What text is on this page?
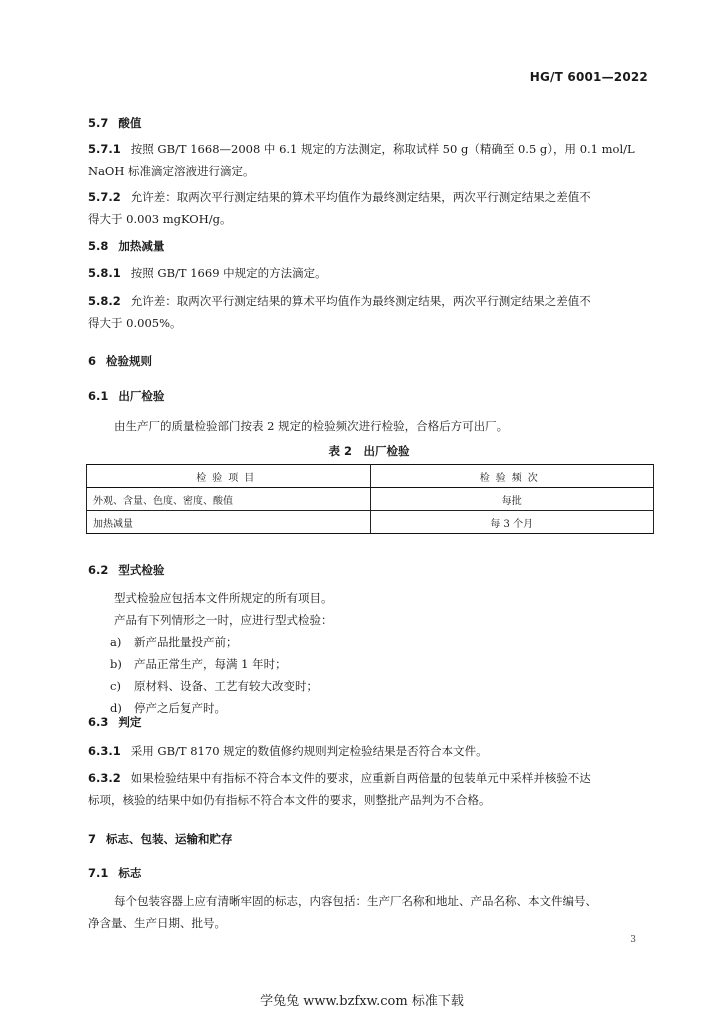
HG/T 6001—2022
5.7 酸值
5.7.1 按照 GB/T 1668—2008 中 6.1 规定的方法测定，称取试样 50 g（精确至 0.5 g），用 0.1 mol/L
NaOH 标准滴定溶液进行滴定。
5.7.2 允许差：取两次平行测定结果的算术平均值作为最终测定结果，两次平行测定结果之差值不
得大于 0.003 mgKOH/g。
5.8 加热减量
5.8.1 按照 GB/T 1669 中规定的方法滴定。
5.8.2 允许差：取两次平行测定结果的算术平均值作为最终测定结果，两次平行测定结果之差值不
得大于 0.005%。
6 检验规则
6.1 出厂检验
由生产厂的质量检验部门按表 2 规定的检验频次进行检验，合格后方可出厂。
表 2　出厂检验
检验项目	检验频次
外观、含量、色度、密度、酸值	每批
加热减量	每 3 个月
6.2 型式检验
型式检验应包括本文件所规定的所有项目。
产品有下列情形之一时，应进行型式检验：
a) 新产品批量投产前；
b) 产品正常生产，每满 1 年时；
c) 原材料、设备、工艺有较大改变时；
d) 停产之后复产时。
6.3 判定
6.3.1 采用 GB/T 8170 规定的数值修约规则判定检验结果是否符合本文件。
6.3.2 如果检验结果中有指标不符合本文件的要求，应重新自两倍量的包装单元中采样并核验不达
标项，核验的结果中如仍有指标不符合本文件的要求，则整批产品判为不合格。
7 标志、包装、运输和贮存
7.1 标志
每个包装容器上应有清晰牢固的标志，内容包括：生产厂名称和地址、产品名称、本文件编号、
净含量、生产日期、批号。
3
学兔兔 www.bzfxw.com 标准下载
